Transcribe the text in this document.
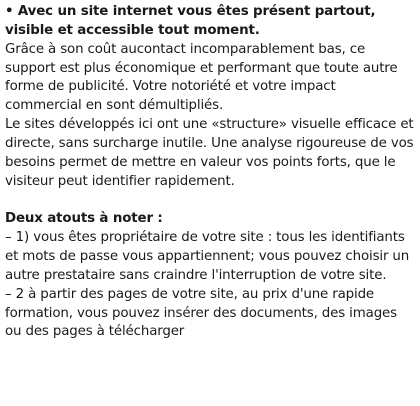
• Avec un site internet vous êtes présent partout, visible et accessible tout moment.

Grâce à son coût aucontact incomparablement bas, ce support est plus économique et performant que toute autre forme de publicité. Votre notoriété et votre impact commercial en sont démultipliés.

Le sites développés ici ont une «structure» visuelle efficace et directe, sans surcharge inutile. Une analyse rigoureuse de vos besoins permet de mettre en valeur vos points forts, que le visiteur peut identifier rapidement.

Deux atouts à noter :

– 1) vous êtes propriétaire de votre site : tous les identifiants et mots de passe vous appartiennent; vous pouvez choisir un autre prestataire sans craindre l'interruption de votre site.

– 2 à partir des pages de votre site, au prix d'une rapide formation, vous pouvez insérer des documents, des images ou des pages à télécharger
